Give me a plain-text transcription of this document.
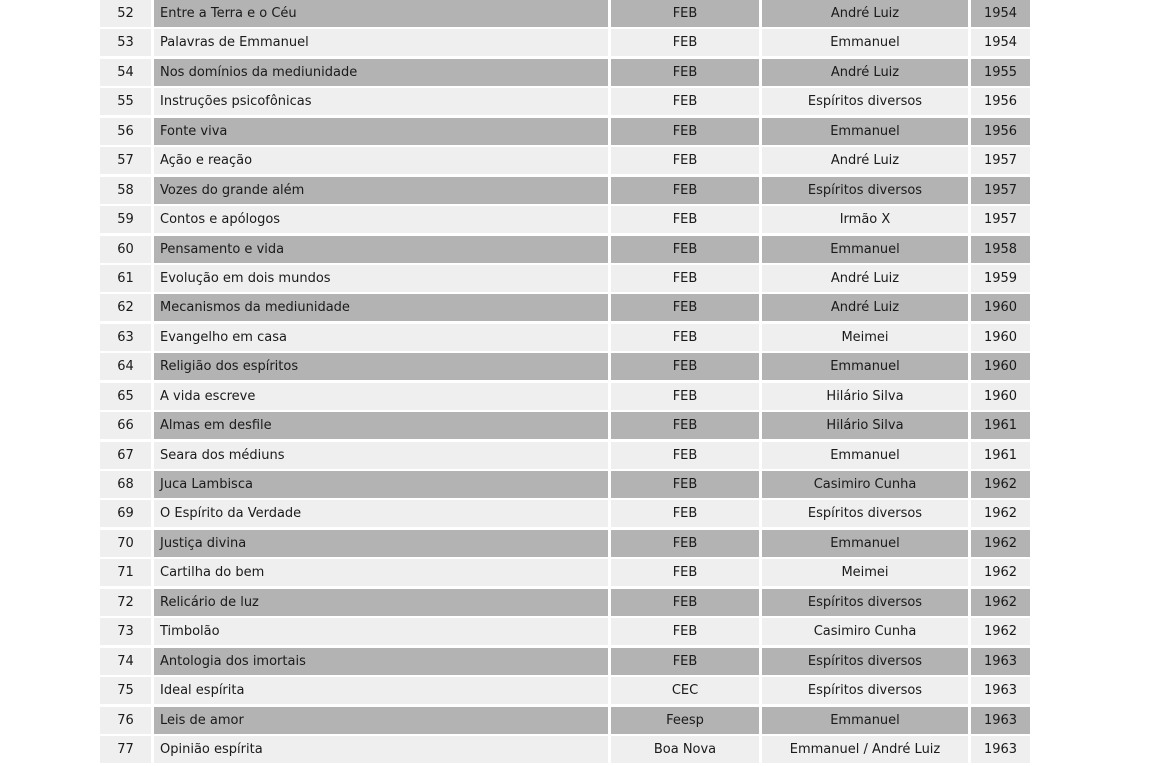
52	Entre a Terra e o Céu	FEB	André Luiz	1954
53	Palavras de Emmanuel	FEB	Emmanuel	1954
54	Nos domínios da mediunidade	FEB	André Luiz	1955
55	Instruções psicofônicas	FEB	Espíritos diversos	1956
56	Fonte viva	FEB	Emmanuel	1956
57	Ação e reação	FEB	André Luiz	1957
58	Vozes do grande além	FEB	Espíritos diversos	1957
59	Contos e apólogos	FEB	Irmão X	1957
60	Pensamento e vida	FEB	Emmanuel	1958
61	Evolução em dois mundos	FEB	André Luiz	1959
62	Mecanismos da mediunidade	FEB	André Luiz	1960
63	Evangelho em casa	FEB	Meimei	1960
64	Religião dos espíritos	FEB	Emmanuel	1960
65	A vida escreve	FEB	Hilário Silva	1960
66	Almas em desfile	FEB	Hilário Silva	1961
67	Seara dos médiuns	FEB	Emmanuel	1961
68	Juca Lambisca	FEB	Casimiro Cunha	1962
69	O Espírito da Verdade	FEB	Espíritos diversos	1962
70	Justiça divina	FEB	Emmanuel	1962
71	Cartilha do bem	FEB	Meimei	1962
72	Relicário de luz	FEB	Espíritos diversos	1962
73	Timbolão	FEB	Casimiro Cunha	1962
74	Antologia dos imortais	FEB	Espíritos diversos	1963
75	Ideal espírita	CEC	Espíritos diversos	1963
76	Leis de amor	Feesp	Emmanuel	1963
77	Opinião espírita	Boa Nova	Emmanuel / André Luiz	1963
